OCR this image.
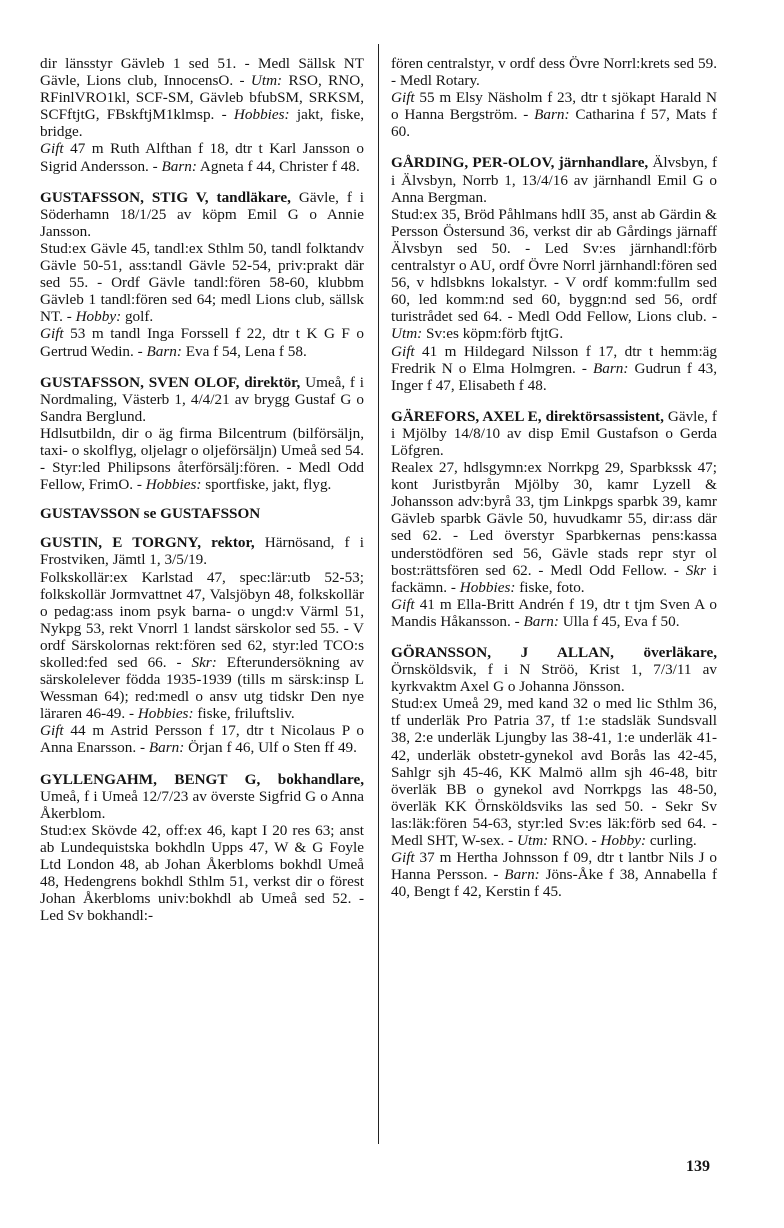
dir länsstyr Gävleb 1 sed 51. - Medl Sällsk NT Gävle, Lions club, InnocensO. - Utm: RSO, RNO, RFinlVRO1kl, SCF-SM, Gävleb bfubSM, SRKSM, SCFftjtG, FBskftjM1klmsp. - Hobbies: jakt, fiske, bridge.

Gift 47 m Ruth Alfthan f 18, dtr t Karl Jansson o Sigrid Andersson. - Barn: Agneta f 44, Christer f 48.

GUSTAFSSON, STIG V, tandläkare, Gävle, f i Söderhamn 18/1/25 av köpm Emil G o Annie Jansson.

Stud:ex Gävle 45, tandl:ex Sthlm 50, tandl folktandv Gävle 50-51, ass:tandl Gävle 52-54, priv:prakt där sed 55. - Ordf Gävle tandl:fören 58-60, klubbm Gävleb 1 tandl:fören sed 64; medl Lions club, sällsk NT. - Hobby: golf.

Gift 53 m tandl Inga Forssell f 22, dtr t K G F o Gertrud Wedin. - Barn: Eva f 54, Lena f 58.

GUSTAFSSON, SVEN OLOF, direktör, Umeå, f i Nordmaling, Västerb 1, 4/4/21 av brygg Gustaf G o Sandra Berglund.

Hdlsutbildn, dir o äg firma Bilcentrum (bilförsäljn, taxi- o skolflyg, oljelagr o oljeförsäljn) Umeå sed 54. - Styr:led Philipsons återförsälj:fören. - Medl Odd Fellow, FrimO. - Hobbies: sportfiske, jakt, flyg.

GUSTAVSSON se GUSTAFSSON

GUSTIN, E TORGNY, rektor, Härnösand, f i Frostviken, Jämtl 1, 3/5/19.

Folkskollär:ex Karlstad 47, spec:lär:utb 52-53; folkskollär Jormvattnet 47, Valsjöbyn 48, folkskollär o pedag:ass inom psyk barna- o ungd:v Värml 51, Nykpg 53, rekt Vnorrl 1 landst särskolor sed 55. - V ordf Särskolornas rekt:fören sed 62, styr:led TCO:s skolled:fed sed 66. - Skr: Efterundersökning av särskolelever födda 1935-1939 (tills m särsk:insp L Wessman 64); red:medl o ansv utg tidskr Den nye läraren 46-49. - Hobbies: fiske, friluftsliv.

Gift 44 m Astrid Persson f 17, dtr t Nicolaus P o Anna Enarsson. - Barn: Örjan f 46, Ulf o Sten ff 49.

GYLLENGAHM, BENGT G, bokhandlare, Umeå, f i Umeå 12/7/23 av överste Sigfrid G o Anna Åkerblom.

Stud:ex Skövde 42, off:ex 46, kapt I 20 res 63; anst ab Lundequistska bokhdln Upps 47, W & G Foyle Ltd London 48, ab Johan Åkerbloms bokhdl Umeå 48, Hedengrens bokhdl Sthlm 51, verkst dir o förest Johan Åkerbloms univ:bokhdl ab Umeå sed 52. - Led Sv bokhandl:-

fören centralstyr, v ordf dess Övre Norrl:krets sed 59. - Medl Rotary.

Gift 55 m Elsy Näsholm f 23, dtr t sjökapt Harald N o Hanna Bergström. - Barn: Catharina f 57, Mats f 60.

GÅRDING, PER-OLOV, järnhandlare, Älvsbyn, f i Älvsbyn, Norrb 1, 13/4/16 av järnhandl Emil G o Anna Bergman.

Stud:ex 35, Bröd Påhlmans hdlI 35, anst ab Gärdin & Persson Östersund 36, verkst dir ab Gårdings järnaff Älvsbyn sed 50. - Led Sv:es järnhandl:förb centralstyr o AU, ordf Övre Norrl järnhandl:fören sed 56, v hdlsbkns lokalstyr. - V ordf komm:fullm sed 60, led komm:nd sed 60, byggn:nd sed 56, ordf turistrådet sed 64. - Medl Odd Fellow, Lions club. - Utm: Sv:es köpm:förb ftjtG.

Gift 41 m Hildegard Nilsson f 17, dtr t hemm:äg Fredrik N o Elma Holmgren. - Barn: Gudrun f 43, Inger f 47, Elisabeth f 48.

GÄREFORS, AXEL E, direktörsassistent, Gävle, f i Mjölby 14/8/10 av disp Emil Gustafson o Gerda Löfgren.

Realex 27, hdlsgymn:ex Norrkpg 29, Sparbkssk 47; kont Juristbyrån Mjölby 30, kamr Lyzell & Johansson adv:byrå 33, tjm Linkpgs sparbk 39, kamr Gävleb sparbk Gävle 50, huvudkamr 55, dir:ass där sed 62. - Led överstyr Sparbkernas pens:kassa understödfören sed 56, Gävle stads repr styr ol bost:rättsfören sed 62. - Medl Odd Fellow. - Skr i fackämn. - Hobbies: fiske, foto.

Gift 41 m Ella-Britt Andrén f 19, dtr t tjm Sven A o Mandis Håkansson. - Barn: Ulla f 45, Eva f 50.

GÖRANSSON, J ALLAN, överläkare, Örnsköldsvik, f i N Ströö, Krist 1, 7/3/11 av kyrkvaktm Axel G o Johanna Jönsson.

Stud:ex Umeå 29, med kand 32 o med lic Sthlm 36, tf underläk Pro Patria 37, tf 1:e stadsläk Sundsvall 38, 2:e underläk Ljungby las 38-41, 1:e underläk 41-42, underläk obstetr-gynekol avd Borås las 42-45, Sahlgr sjh 45-46, KK Malmö allm sjh 46-48, bitr överläk BB o gynekol avd Norrkpgs las 48-50, överläk KK Örnsköldsviks las sed 50. - Sekr Sv las:läk:fören 54-63, styr:led Sv:es läk:förb sed 64. - Medl SHT, W-sex. - Utm: RNO. - Hobby: curling.

Gift 37 m Hertha Johnsson f 09, dtr t lantbr Nils J o Hanna Persson. - Barn: Jöns-Åke f 38, Annabella f 40, Bengt f 42, Kerstin f 45.

139
